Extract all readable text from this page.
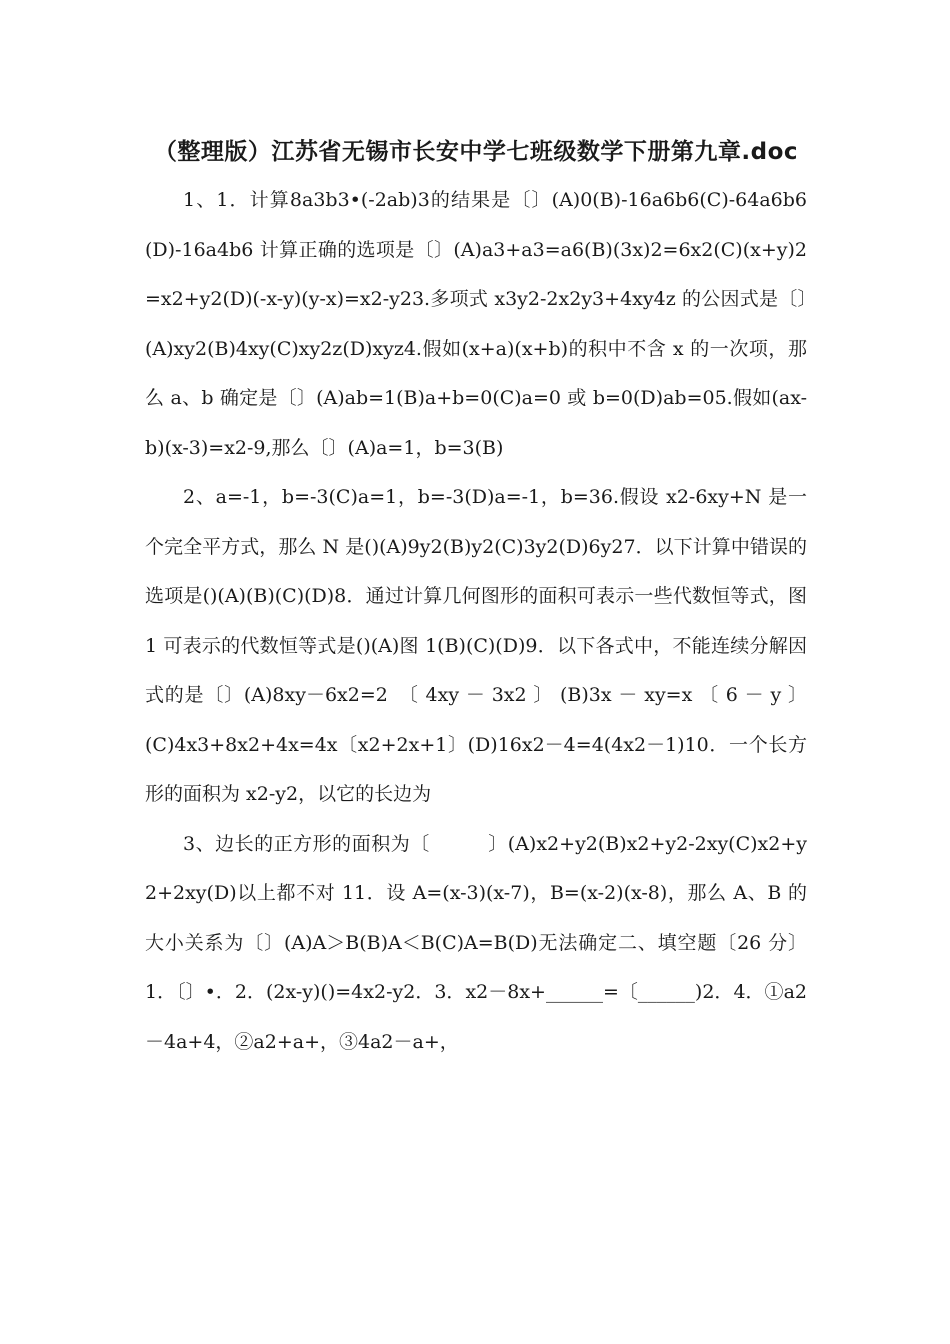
（整理版）江苏省无锡市长安中学七班级数学下册第九章.doc

1、1．计算8a3b3•(-2ab)3的结果是〔〕(A)0(B)-16a6b6(C)-64a6b6(D)-16a4b6 计算正确的选项是〔〕(A)a3+a3=a6(B)(3x)2=6x2(C)(x+y)2=x2+y2(D)(-x-y)(y-x)=x2-y23.多项式 x3y2-2x2y3+4xy4z 的公因式是〔〕(A)xy2(B)4xy(C)xy2z(D)xyz4.假如(x+a)(x+b)的积中不含 x 的一次项，那么 a、b 确定是〔〕(A)ab=1(B)a+b=0(C)a=0 或 b=0(D)ab=05.假如(ax-b)(x-3)=x2-9,那么〔〕(A)a=1，b=3(B)

2、a=-1，b=-3(C)a=1，b=-3(D)a=-1，b=36.假设 x2-6xy+N 是一个完全平方式，那么 N 是()(A)9y2(B)y2(C)3y2(D)6y27．以下计算中错误的选项是()(A)(B)(C)(D)8．通过计算几何图形的面积可表示一些代数恒等式，图 1 可表示的代数恒等式是()(A)图 1(B)(C)(D)9．以下各式中，不能连续分解因式的是〔〕(A)8xy－6x2=2　〔 4xy － 3x2 〕 (B)3x － xy=x 〔 6 － y 〕(C)4x3+8x2+4x=4x〔x2+2x+1〕(D)16x2－4=4(4x2－1)10．一个长方形的面积为 x2-y2，以它的长边为

3、边长的正方形的面积为〔　　　〕(A)x2+y2(B)x2+y2-2xy(C)x2+y2+2xy(D)以上都不对 11．设 A=(x-3)(x-7)，B=(x-2)(x-8)，那么 A、B 的大小关系为〔〕(A)A＞B(B)A＜B(C)A=B(D)无法确定二、填空题〔26 分〕1．〔〕•．2．(2x-y)()=4x2-y2．3．x2－8x+______=〔______)2．4．①a2－4a+4，②a2+a+，③4a2－a+，
